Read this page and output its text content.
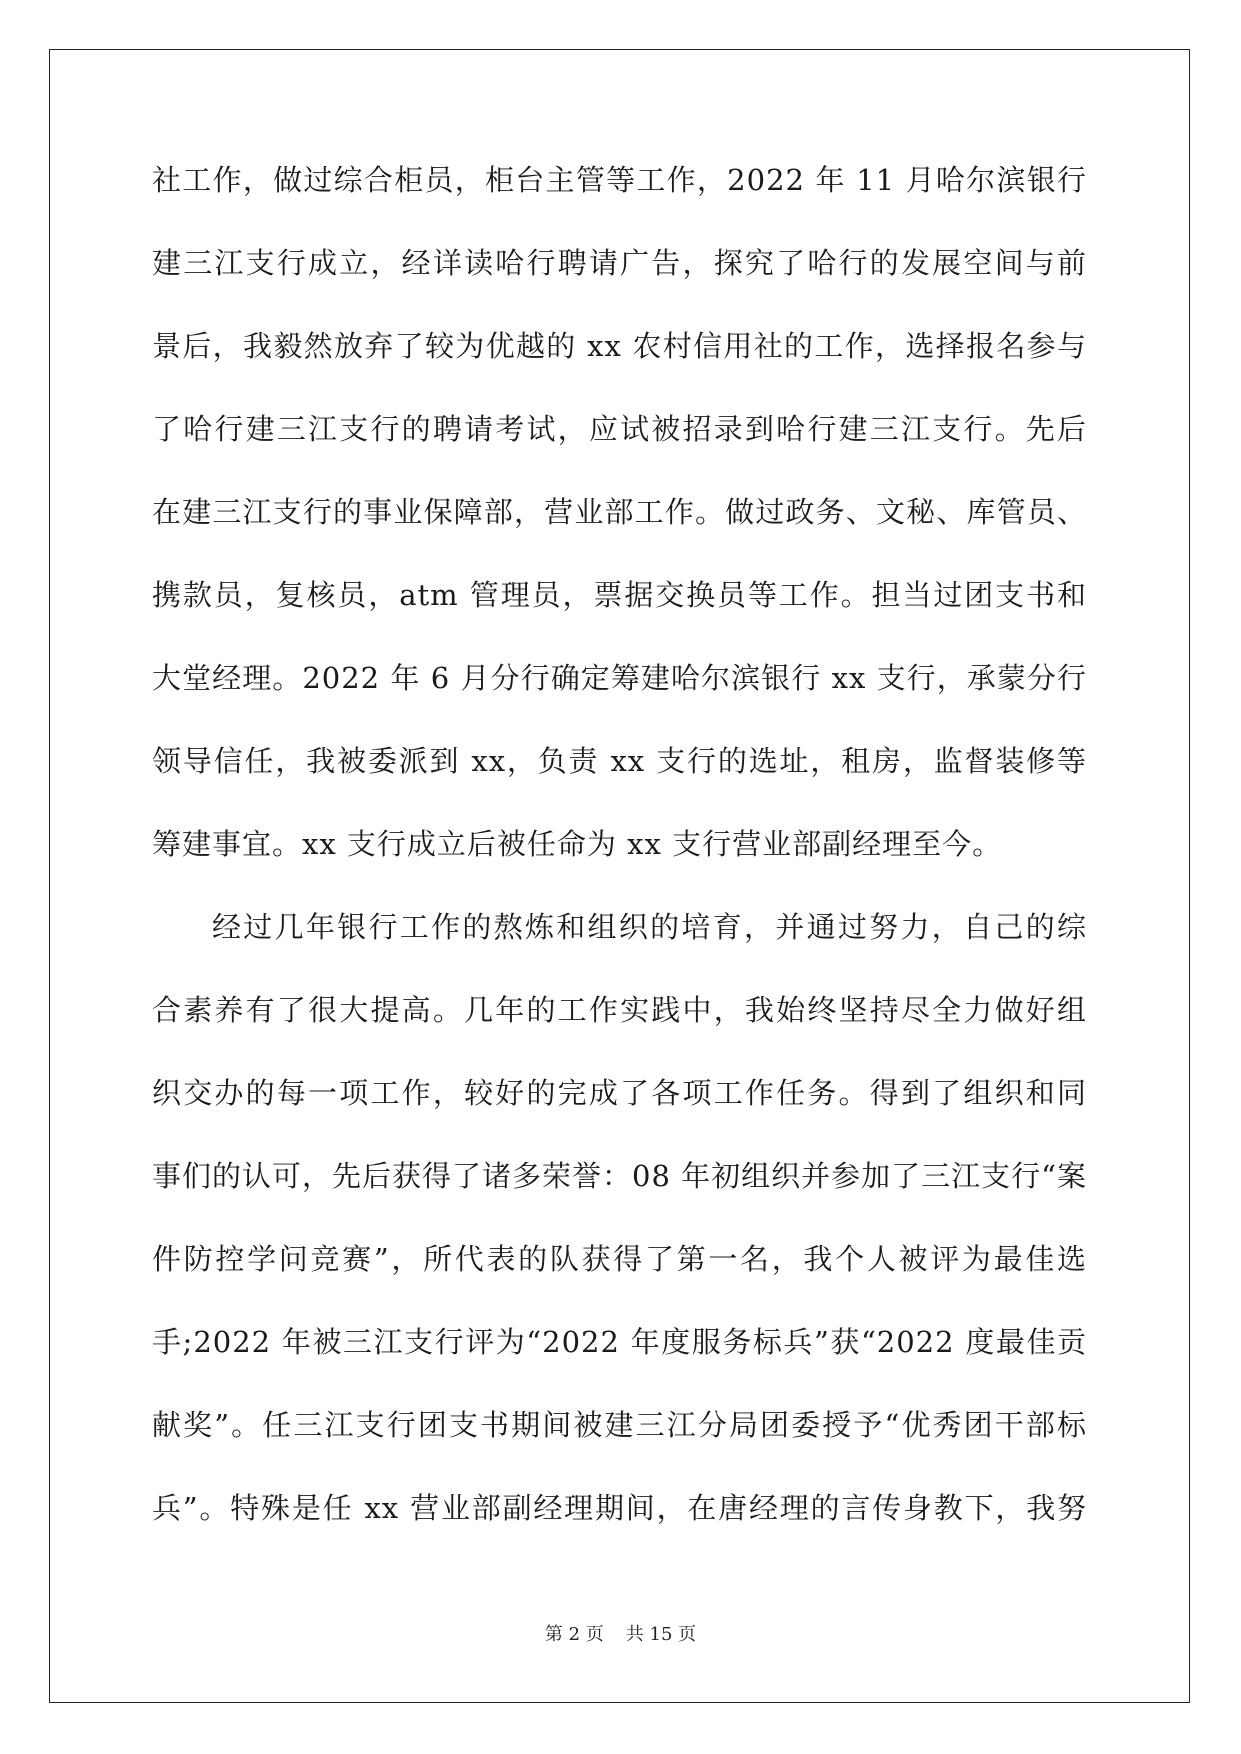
社工作，做过综合柜员，柜台主管等工作，2022 年 11 月哈尔滨银行
建三江支行成立，经详读哈行聘请广告，探究了哈行的发展空间与前
景后，我毅然放弃了较为优越的 xx 农村信用社的工作，选择报名参与
了哈行建三江支行的聘请考试，应试被招录到哈行建三江支行。先后
在建三江支行的事业保障部，营业部工作。做过政务、文秘、库管员、
携款员，复核员，atm 管理员，票据交换员等工作。担当过团支书和
大堂经理。2022 年 6 月分行确定筹建哈尔滨银行 xx 支行，承蒙分行
领导信任，我被委派到 xx，负责 xx 支行的选址，租房，监督装修等
筹建事宜。xx 支行成立后被任命为 xx 支行营业部副经理至今。
经过几年银行工作的熬炼和组织的培育，并通过努力，自己的综
合素养有了很大提高。几年的工作实践中，我始终坚持尽全力做好组
织交办的每一项工作，较好的完成了各项工作任务。得到了组织和同
事们的认可，先后获得了诸多荣誉：08 年初组织并参加了三江支行“案
件防控学问竞赛”，所代表的队获得了第一名，我个人被评为最佳选
手;2022 年被三江支行评为“2022 年度服务标兵”获“2022 度最佳贡
献奖”。任三江支行团支书期间被建三江分局团委授予“优秀团干部标
兵”。特殊是任 xx 营业部副经理期间，在唐经理的言传身教下，我努
第 2 页 共 15 页
